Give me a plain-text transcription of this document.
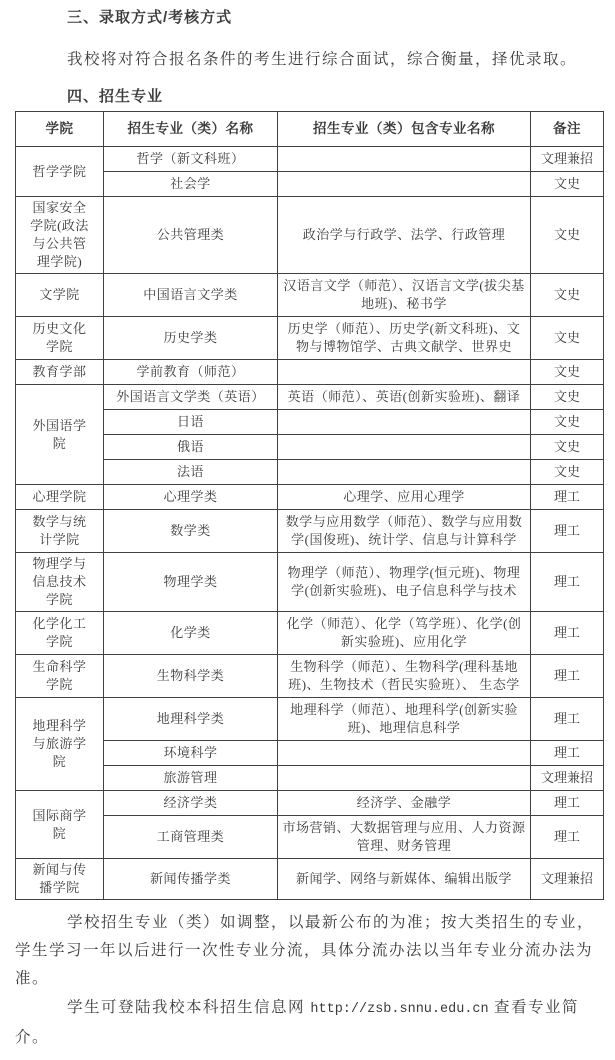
三、录取方式/考核方式

我校将对符合报名条件的考生进行综合面试，综合衡量，择优录取。

四、招生专业
学院	招生专业（类）名称	招生专业（类）包含专业名称	备注
哲学学院	哲学（新文科班）		文理兼招
	社会学		文史
国家安全学院(政法与公共管理学院)	公共管理类	政治学与行政学、法学、行政管理	文史
文学院	中国语言文学类	汉语言文学（师范）、汉语言文学(拔尖基地班)、秘书学	文史
历史文化学院	历史学类	历史学（师范）、历史学(新文科班)、文物与博物馆学、古典文献学、世界史	文史
教育学部	学前教育（师范）		文史
外国语学院	外国语言文学类（英语）	英语（师范）、英语(创新实验班)、翻译	文史
	日语		文史
	俄语		文史
	法语		文史
心理学院	心理学类	心理学、应用心理学	理工
数学与统计学院	数学类	数学与应用数学（师范）、数学与应用数学(国俊班)、统计学、信息与计算科学	理工
物理学与信息技术学院	物理学类	物理学（师范）、物理学(恒元班)、物理学(创新实验班)、电子信息科学与技术	理工
化学化工学院	化学类	化学（师范）、化学（笃学班）、化学(创新实验班)、应用化学	理工
生命科学学院	生物科学类	生物科学（师范）、生物科学(理科基地班)、生物技术（哲民实验班）、 生态学	理工
地理科学与旅游学院	地理科学类	地理科学（师范）、地理科学(创新实验班)、地理信息科学	理工
	环境科学		理工
	旅游管理		文理兼招
国际商学院	经济学类	经济学、金融学	理工
	工商管理类	市场营销、大数据管理与应用、人力资源管理、财务管理	理工
新闻与传播学院	新闻传播学类	新闻学、网络与新媒体、编辑出版学	文理兼招

学校招生专业（类）如调整，以最新公布的为准；按大类招生的专业，学生学习一年以后进行一次性专业分流，具体分流办法以当年专业分流办法为准。

学生可登陆我校本科招生信息网 http://zsb.snnu.edu.cn 查看专业简介。
